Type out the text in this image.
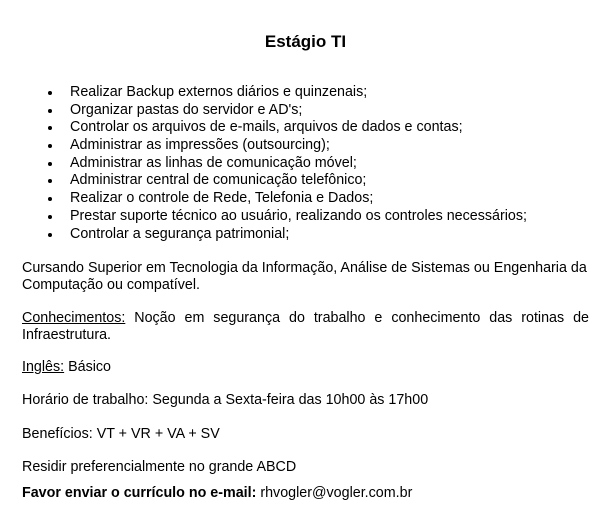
Estágio TI
Realizar Backup externos diários e quinzenais;
Organizar pastas do servidor e AD's;
Controlar os arquivos de e-mails, arquivos de dados e contas;
Administrar as impressões (outsourcing);
Administrar as linhas de comunicação móvel;
Administrar central de comunicação telefônico;
Realizar o controle de Rede, Telefonia e Dados;
Prestar suporte técnico ao usuário, realizando os controles necessários;
Controlar a segurança patrimonial;

Cursando Superior em Tecnologia da Informação, Análise de Sistemas ou Engenharia da Computação ou compatível.

Conhecimentos: Noção em segurança do trabalho e conhecimento das rotinas de Infraestrutura.

Inglês: Básico

Horário de trabalho: Segunda a Sexta-feira das 10h00 às 17h00

Benefícios: VT + VR + VA + SV

Residir preferencialmente no grande ABCD

Favor enviar o currículo no e-mail: rhvogler@vogler.com.br
